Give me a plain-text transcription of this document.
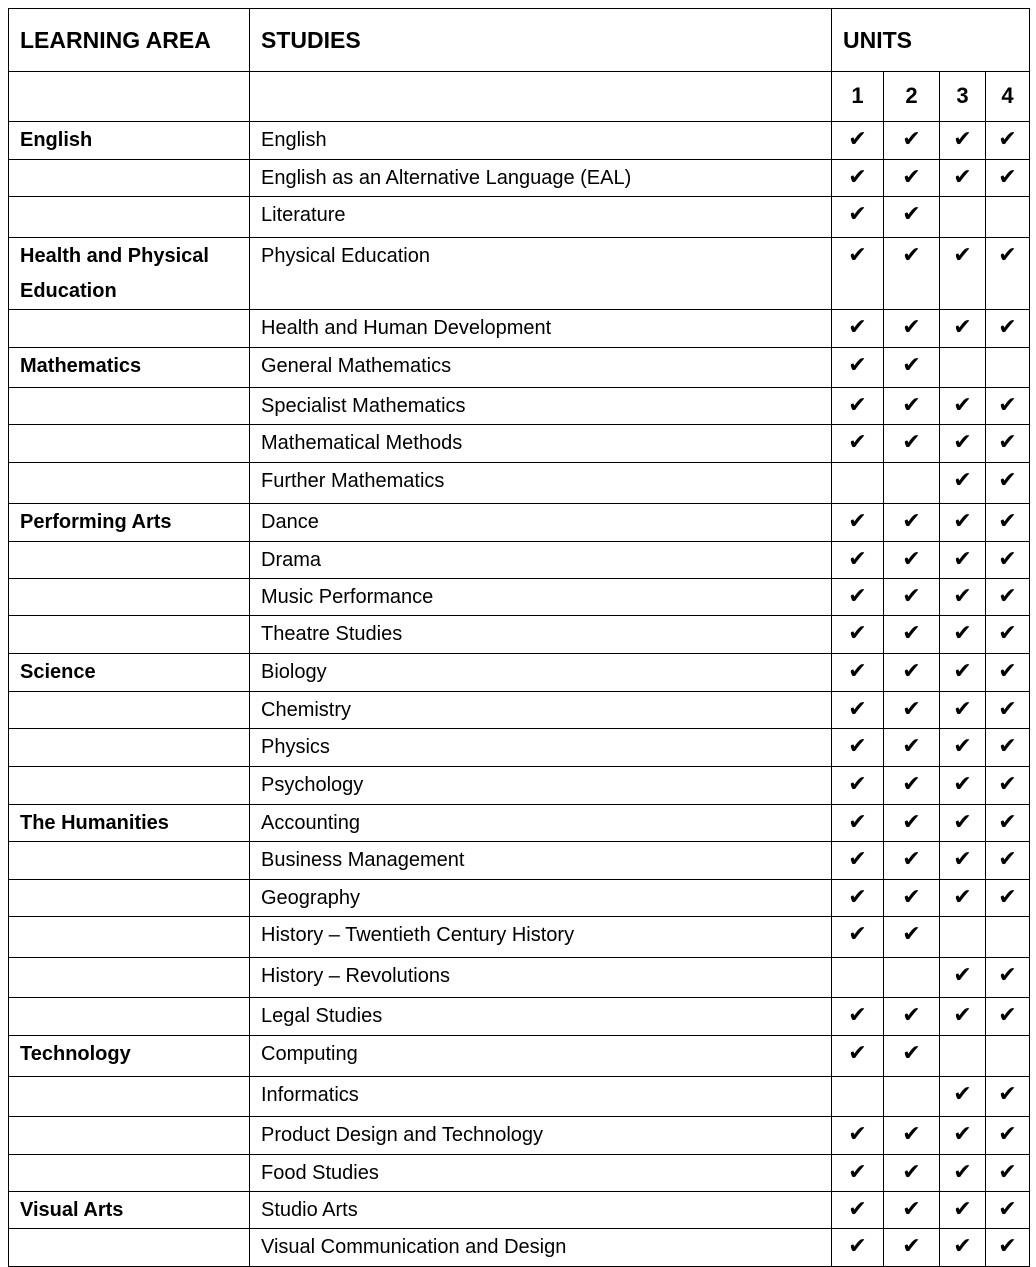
LEARNING AREA	STUDIES	UNITS			
		1	2	3	4
English	English	✔	✔	✔	✔
	English as an Alternative Language (EAL)	✔	✔	✔	✔
	Literature	✔	✔		
Health and Physical Education	Physical Education	✔	✔	✔	✔
	Health and Human Development	✔	✔	✔	✔
Mathematics	General Mathematics	✔	✔		
	Specialist Mathematics	✔	✔	✔	✔
	Mathematical Methods	✔	✔	✔	✔
	Further Mathematics			✔	✔
Performing Arts	Dance	✔	✔	✔	✔
	Drama	✔	✔	✔	✔
	Music Performance	✔	✔	✔	✔
	Theatre Studies	✔	✔	✔	✔
Science	Biology	✔	✔	✔	✔
	Chemistry	✔	✔	✔	✔
	Physics	✔	✔	✔	✔
	Psychology	✔	✔	✔	✔
The Humanities	Accounting	✔	✔	✔	✔
	Business Management	✔	✔	✔	✔
	Geography	✔	✔	✔	✔
	History – Twentieth Century History	✔	✔		
	History – Revolutions			✔	✔
	Legal Studies	✔	✔	✔	✔
Technology	Computing	✔	✔		
	Informatics			✔	✔
	Product Design and Technology	✔	✔	✔	✔
	Food Studies	✔	✔	✔	✔
Visual Arts	Studio Arts	✔	✔	✔	✔
	Visual Communication and Design	✔	✔	✔	✔
